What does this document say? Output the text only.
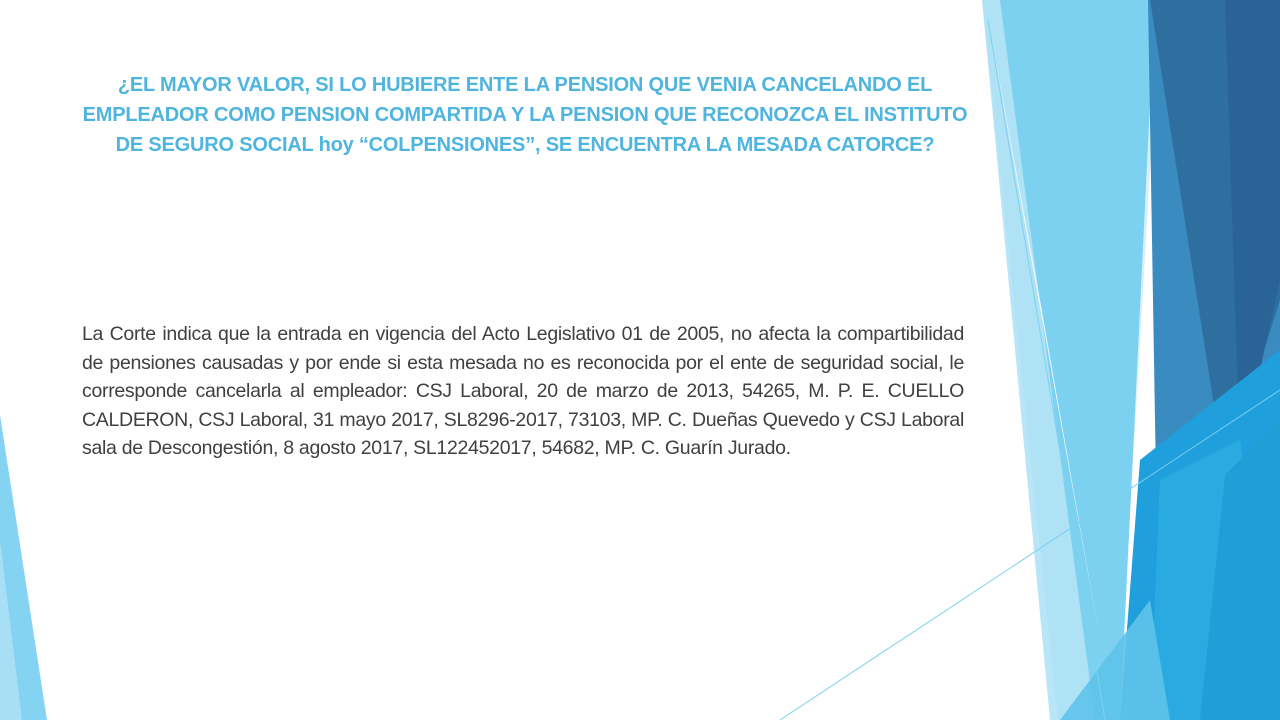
¿EL MAYOR VALOR, SI LO HUBIERE ENTE LA PENSION QUE VENIA CANCELANDO EL EMPLEADOR COMO PENSION COMPARTIDA Y LA PENSION QUE RECONOZCA EL INSTITUTO DE SEGURO SOCIAL hoy “COLPENSIONES”, SE ENCUENTRA LA MESADA CATORCE?

La Corte indica que la entrada en vigencia del Acto Legislativo 01 de 2005, no afecta la compartibilidad de pensiones causadas y por ende si esta mesada no es reconocida por el ente de seguridad social, le corresponde cancelarla al empleador: CSJ Laboral, 20 de marzo de 2013, 54265, M. P. E. CUELLO CALDERON, CSJ Laboral, 31 mayo 2017, SL8296-2017, 73103, MP. C. Dueñas Quevedo y CSJ Laboral sala de Descongestión, 8 agosto 2017, SL122452017, 54682, MP. C. Guarín Jurado.
